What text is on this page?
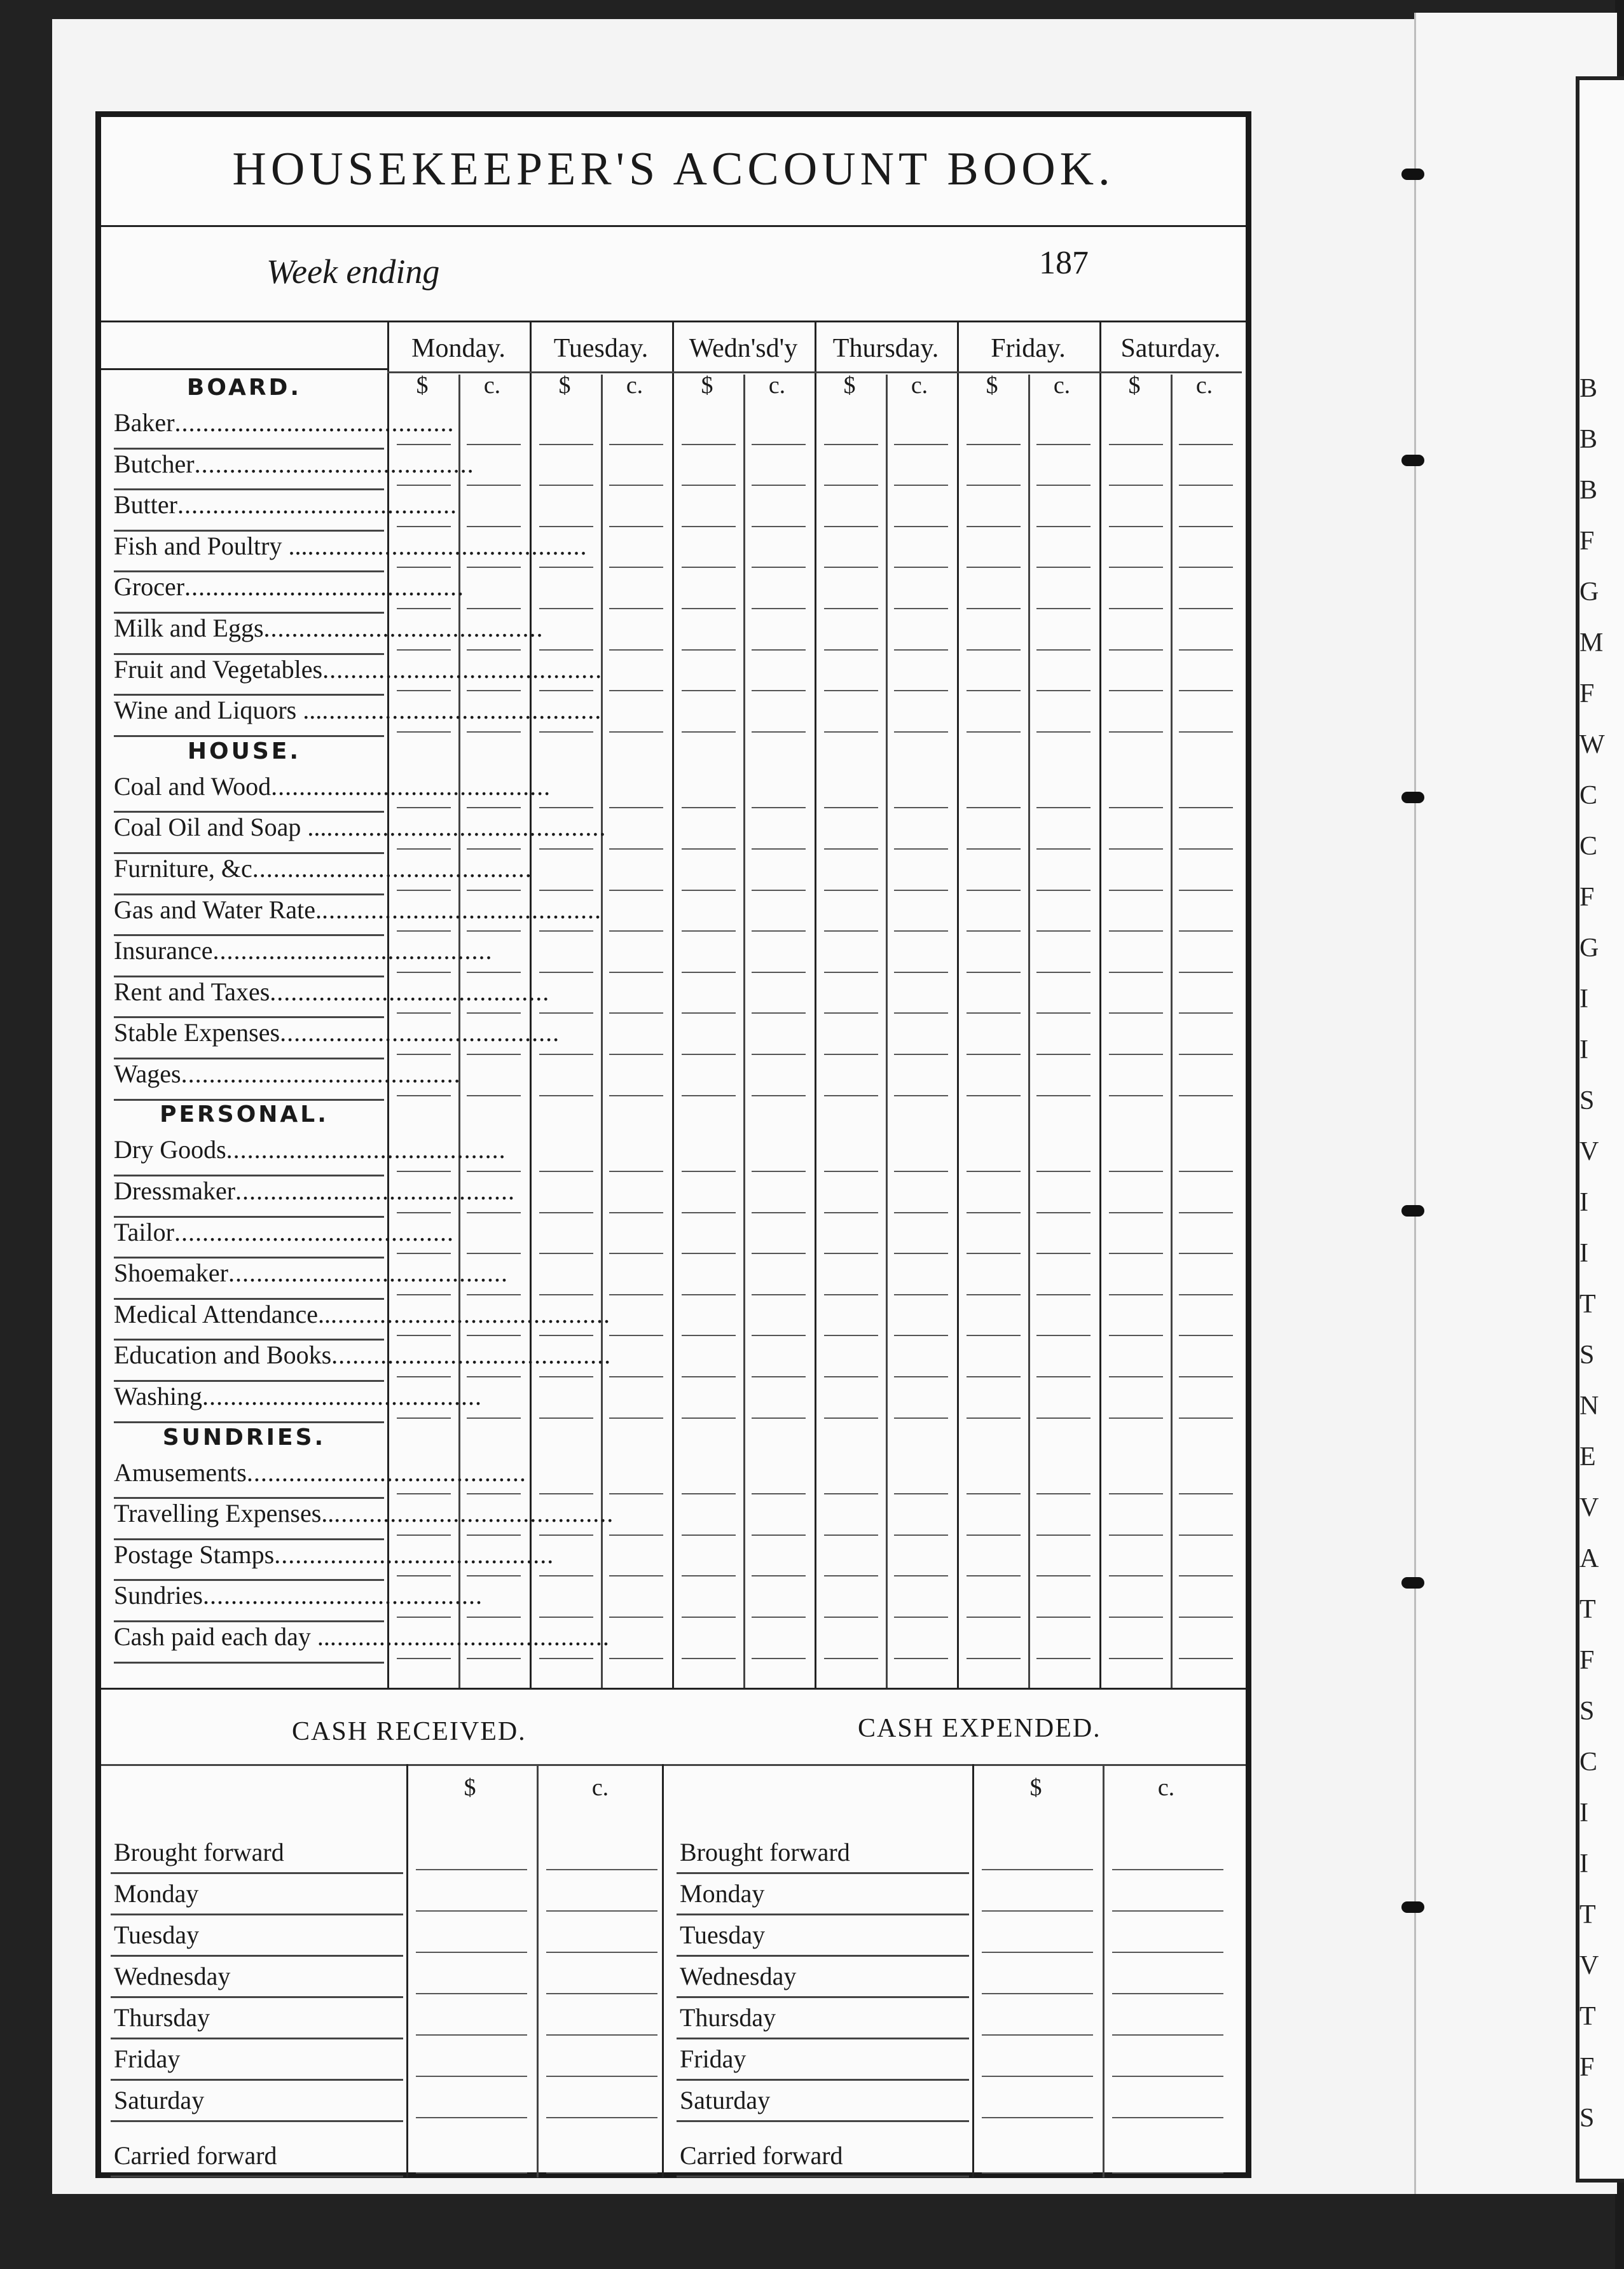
B
B
B
F
G
M
F
W
C
C
F
G
I
I
S
V
I
I
T
S
N
E
V
A
T
F
S
C
I
I
T
V
T
F
S
HOUSEKEEPER'S ACCOUNT BOOK.
Week ending	187
Monday.
$	c.
Tuesday.
$	c.
Wedn'sd'y
$	c.
Thursday.
$	c.
Friday.
$	c.
Saturday.
$	c.
BOARD.
Baker........................................
Butcher........................................
Butter........................................
Fish and Poultry ...........................................
Grocer........................................
Milk and Eggs........................................
Fruit and Vegetables........................................
Wine and Liquors ...........................................
HOUSE.
Coal and Wood........................................
Coal Oil and Soap ...........................................
Furniture, &c........................................
Gas and Water Rate.........................................
Insurance........................................
Rent and Taxes........................................
Stable Expenses........................................
Wages........................................
PERSONAL.
Dry Goods........................................
Dressmaker........................................
Tailor........................................
Shoemaker........................................
Medical Attendance..........................................
Education and Books........................................
Washing........................................
SUNDRIES.
Amusements........................................
Travelling Expenses..........................................
Postage Stamps........................................
Sundries........................................
Cash paid each day ..........................................
CASH RECEIVED.	CASH EXPENDED.
$	c.
Brought forward
Monday
Tuesday
Wednesday
Thursday
Friday
Saturday
Carried forward
$	c.
Brought forward
Monday
Tuesday
Wednesday
Thursday
Friday
Saturday
Carried forward
